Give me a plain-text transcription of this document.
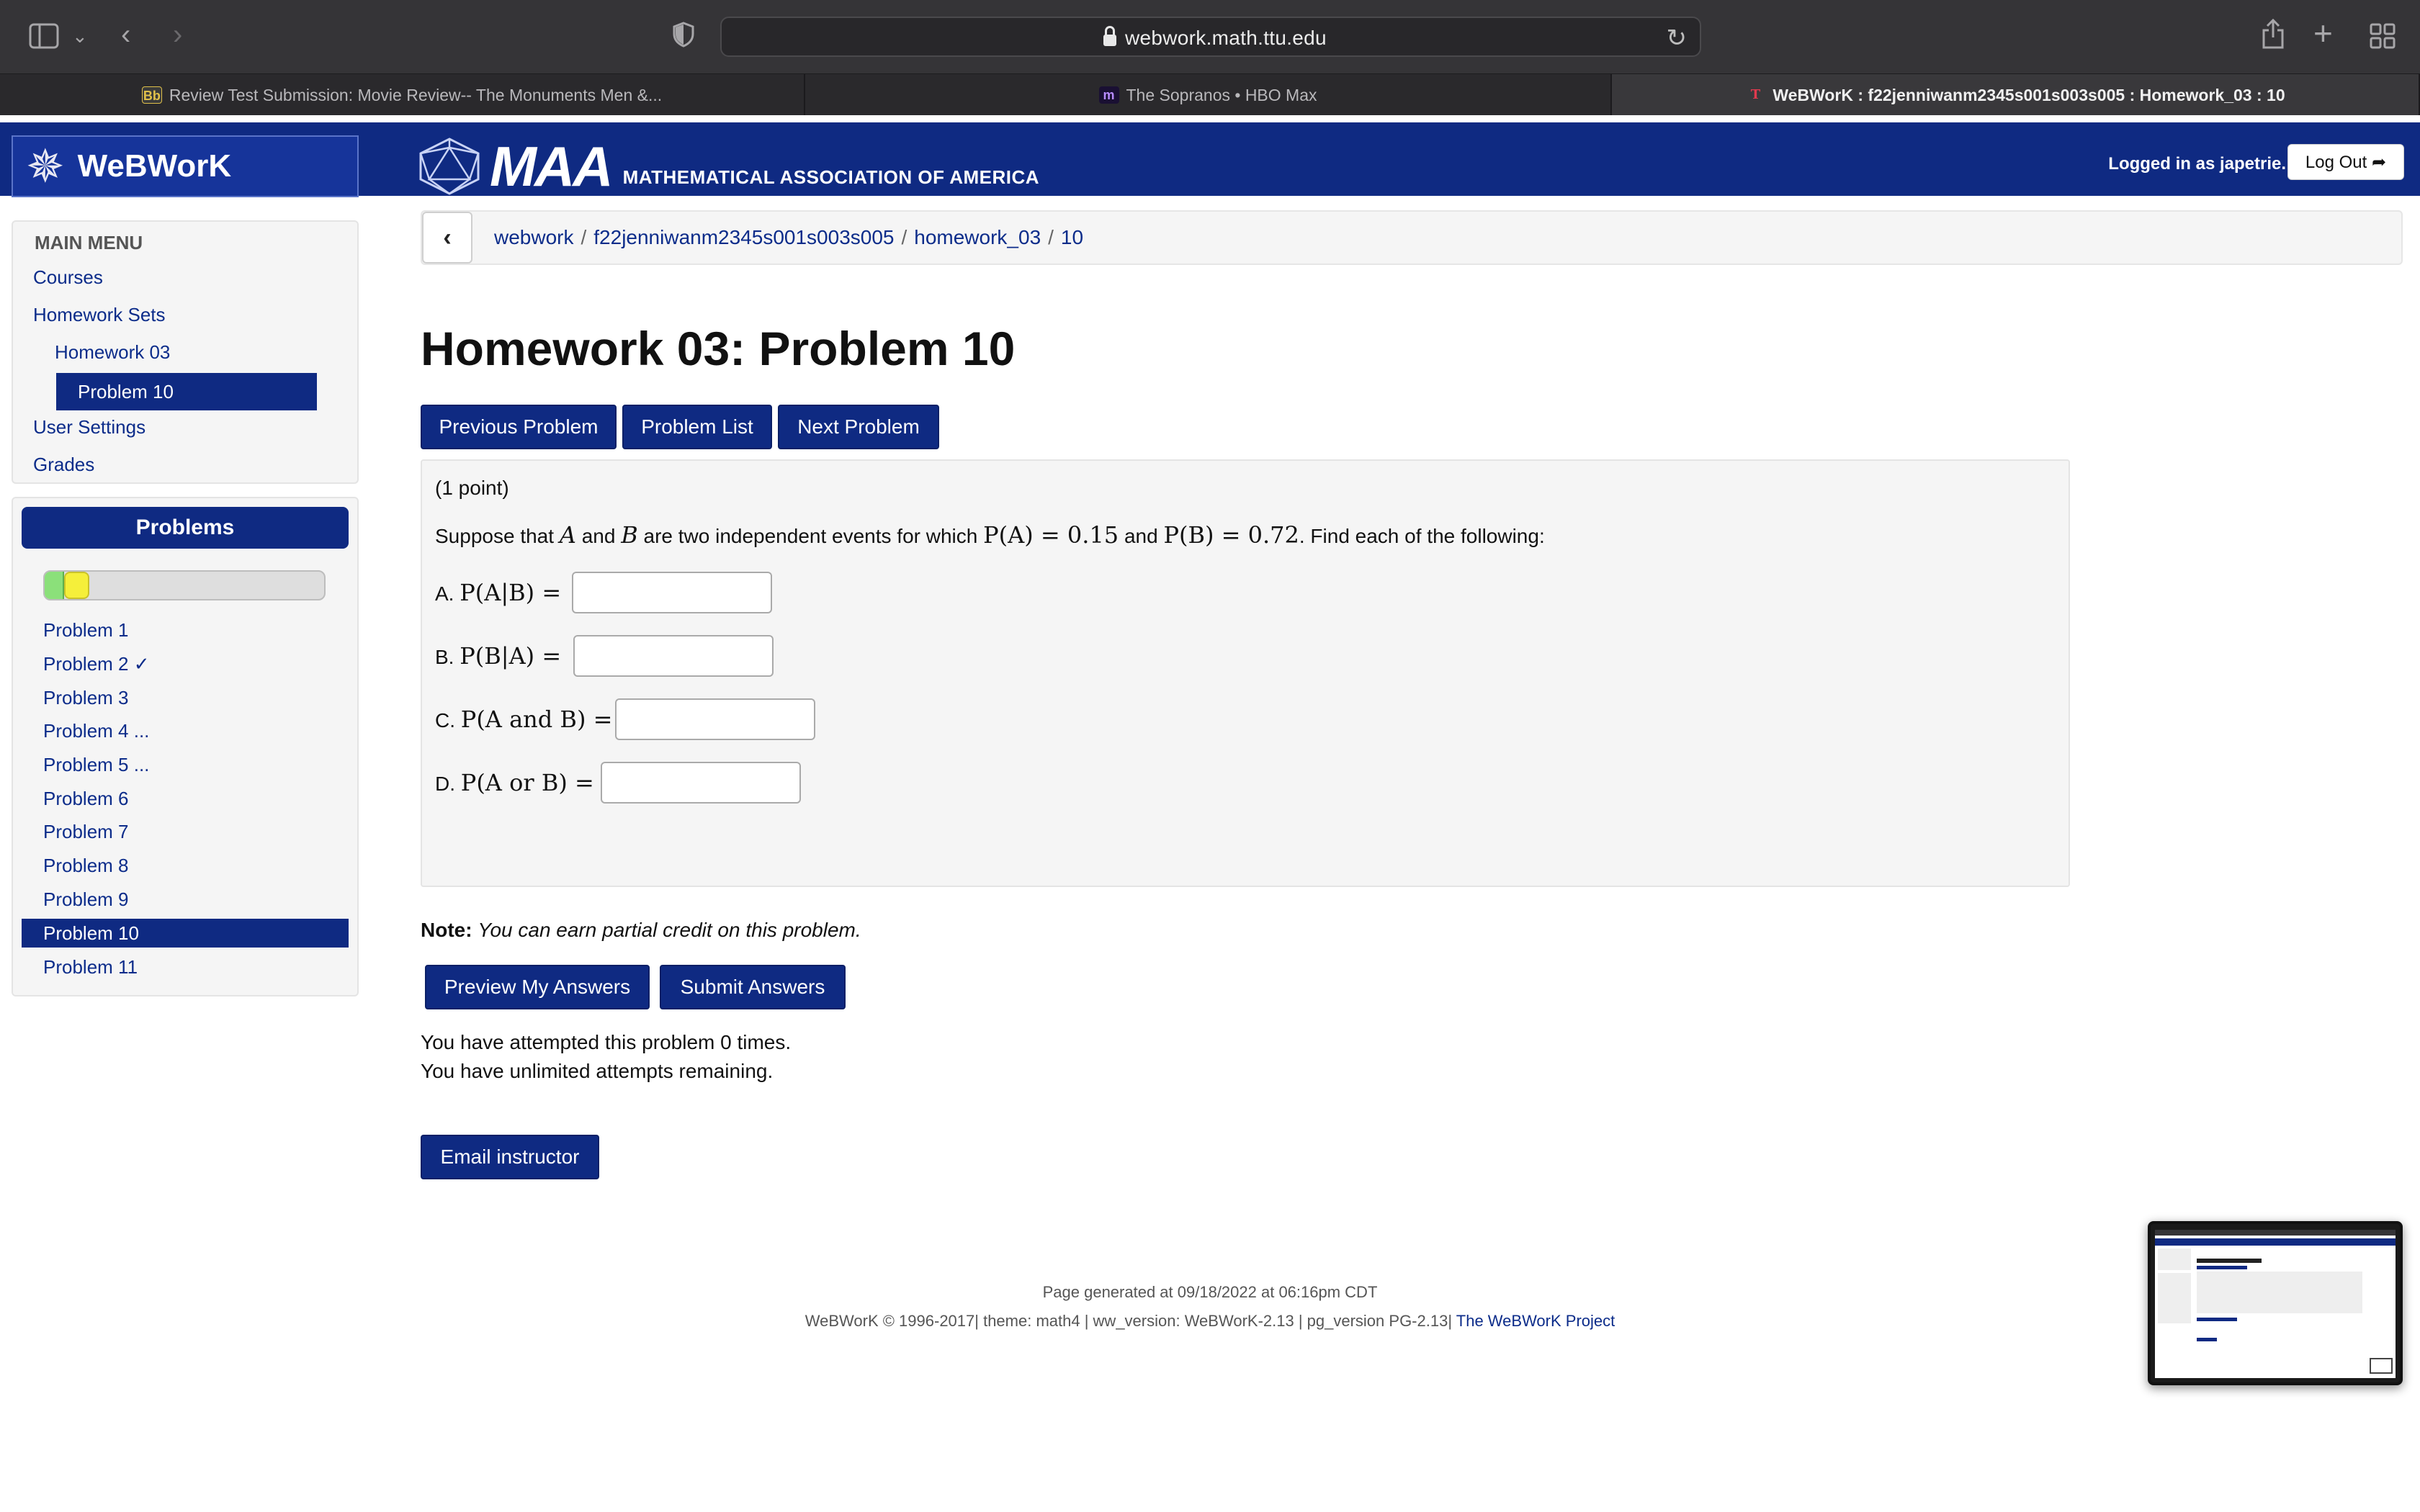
⌄ ‹ ›	webwork.math.ttu.edu	↻	+
Bb Review Test Submission: Movie Review-- The Monuments Men &...	m The Sopranos • HBO Max	T WeBWorK : f22jenniwanm2345s001s003s005 : Homework_03 : 10
✵ WeBWorK	MAA MATHEMATICAL ASSOCIATION OF AMERICA
Logged in as japetrie.	Log Out ➦
MAIN MENU
Courses
Homework Sets
Homework 03
Problem 10
User Settings
Grades
Problems
Problem 1
Problem 2 ✓
Problem 3
Problem 4 ...
Problem 5 ...
Problem 6
Problem 7
Problem 8
Problem 9
Problem 10
Problem 11
‹	webwork / f22jenniwanm2345s001s003s005 / homework_03 / 10
Homework 03: Problem 10
Previous Problem	Problem List	Next Problem
(1 point)
Suppose that A and B are two independent events for which P(A) = 0.15 and P(B) = 0.72. Find each of the following:
A. P(A|B) =
B. P(B|A) =
C. P(A and B) =
D. P(A or B) =
Note: You can earn partial credit on this problem.
Preview My Answers	Submit Answers
You have attempted this problem 0 times.
You have unlimited attempts remaining.
Email instructor
Page generated at 09/18/2022 at 06:16pm CDT
WeBWorK © 1996-2017| theme: math4 | ww_version: WeBWorK-2.13 | pg_version PG-2.13| The WeBWorK Project
